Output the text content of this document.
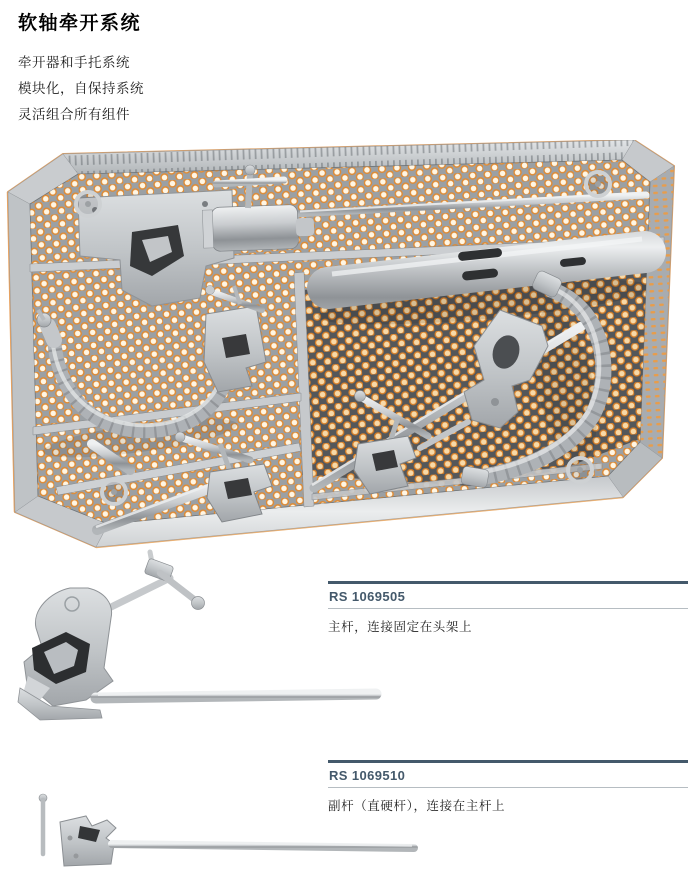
软轴牵开系统

牵开器和手托系统

模块化，自保持系统

灵活组合所有组件

RS 1069505
主杆，连接固定在头架上
RS 1069510
副杆（直硬杆），连接在主杆上
